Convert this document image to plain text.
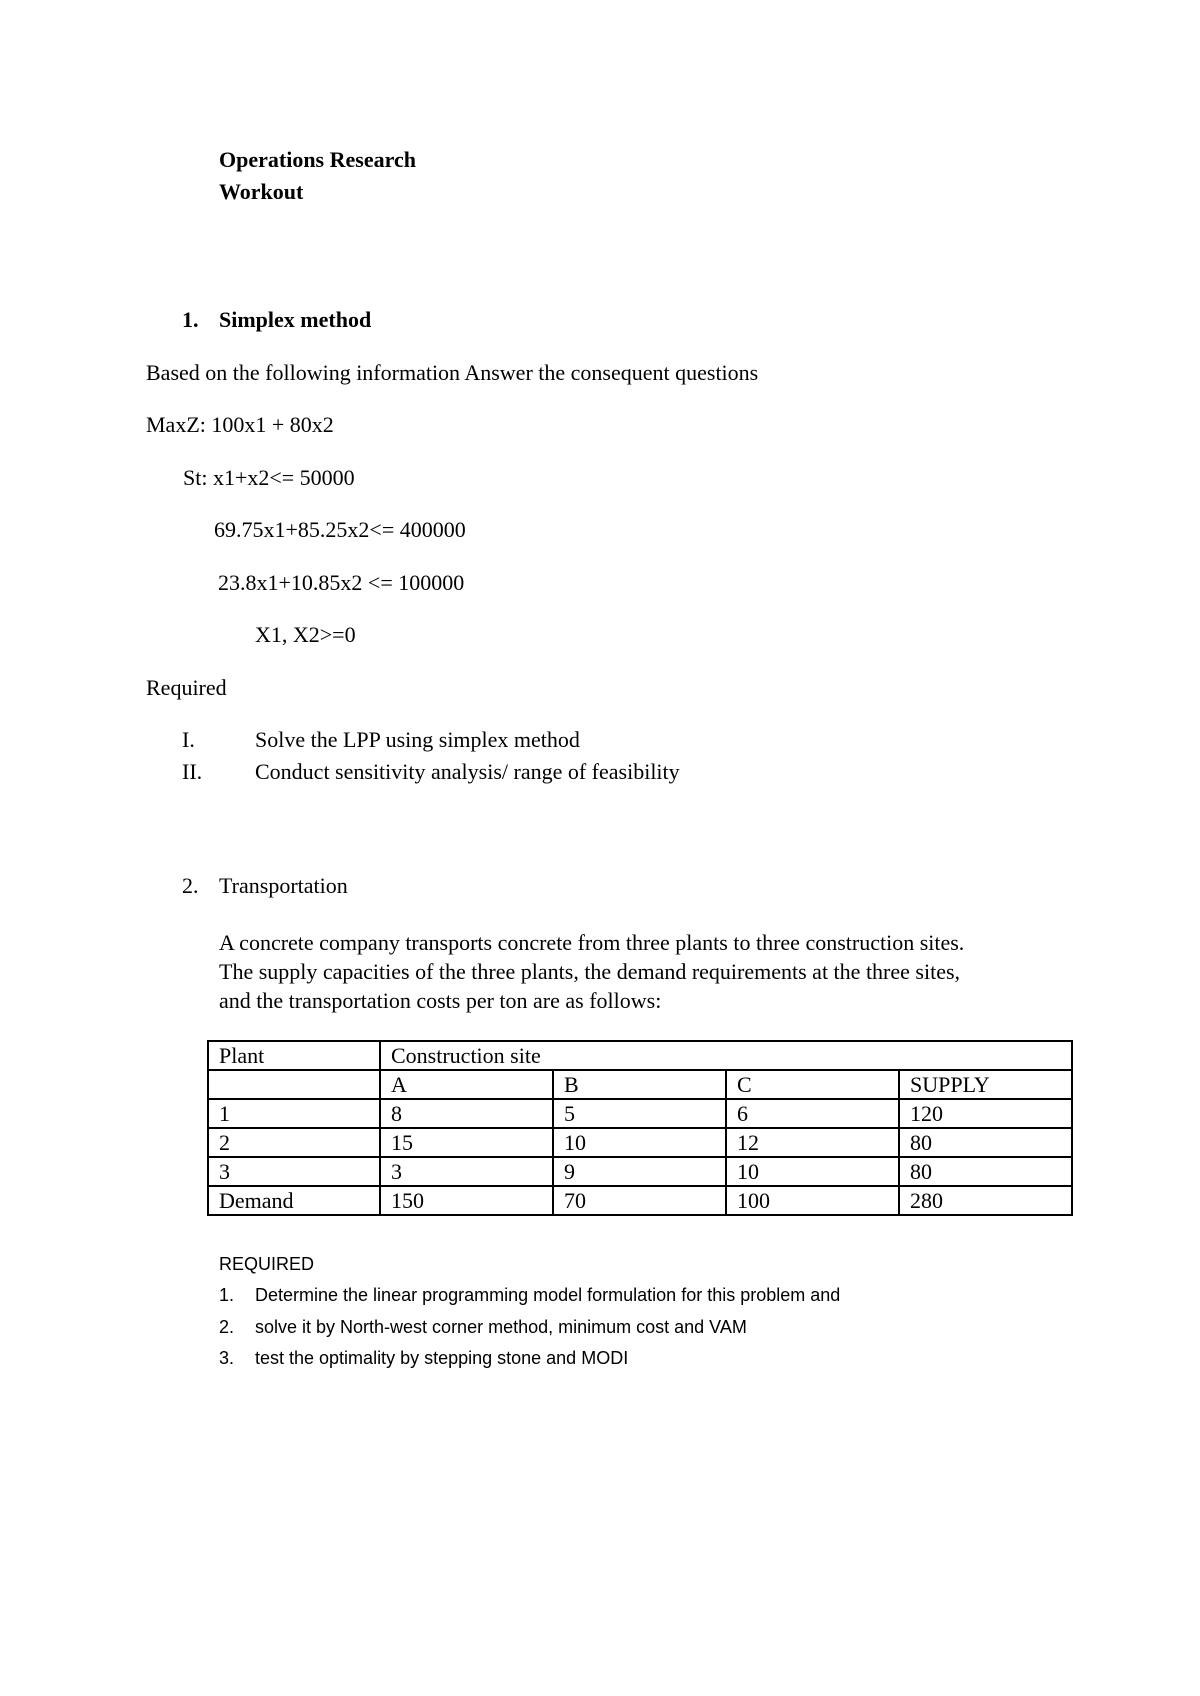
Operations Research
Workout
1. Simplex method
Based on the following information Answer the consequent questions
MaxZ: 100x1 + 80x2
St: x1+x2<= 50000
69.75x1+85.25x2<= 400000
23.8x1+10.85x2 <= 100000
X1, X2>=0
Required
I.	Solve the LPP using simplex method
II. Conduct sensitivity analysis/ range of feasibility
2. Transportation
A concrete company transports concrete from three plants to three construction sites.
The supply capacities of the three plants, the demand requirements at the three sites,
and the transportation costs per ton are as follows:
Plant	Construction site			
	A	B	C	SUPPLY
1	8	5	6	120
2	15	10	12	80
3	3	9	10	80
Demand	150	70	100	280
REQUIRED
1. Determine the linear programming model formulation for this problem and
2. solve it by North-west corner method, minimum cost and VAM
3. test the optimality by stepping stone and MODI
